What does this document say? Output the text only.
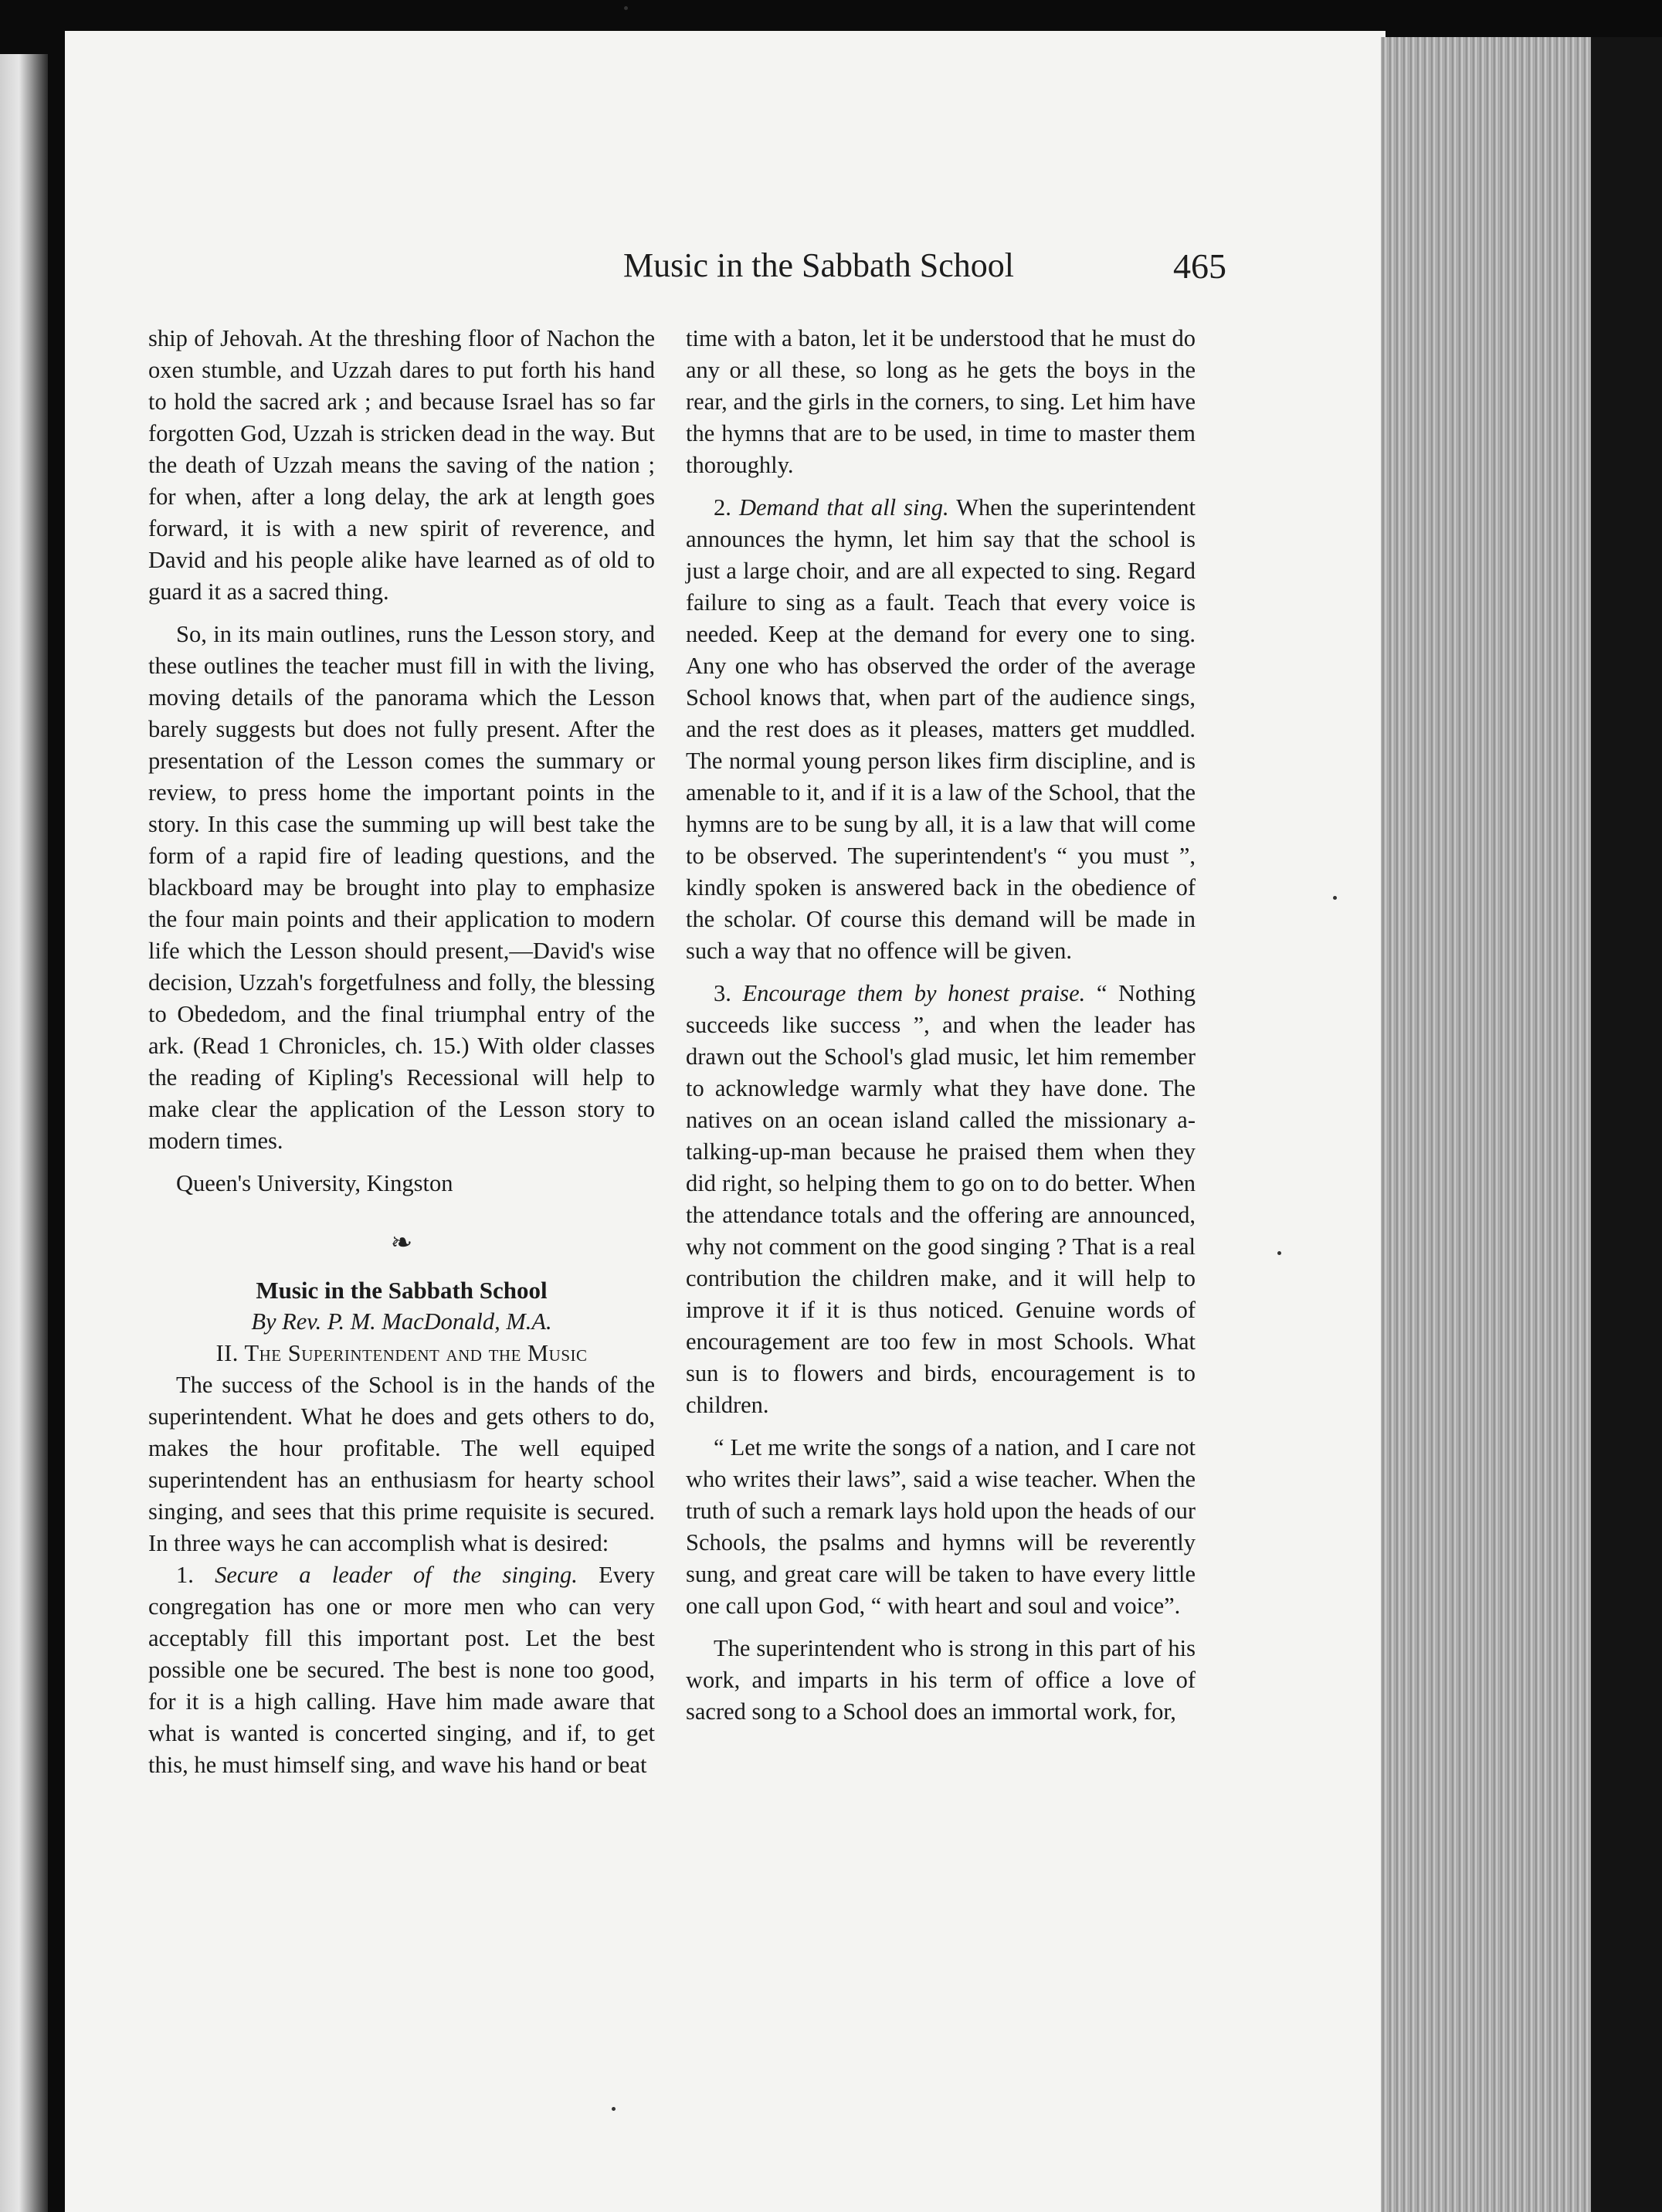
Music in the Sabbath School	465

ship of Jehovah. At the threshing floor of Nachon the oxen stumble, and Uzzah dares to put forth his hand to hold the sacred ark ; and because Israel has so far forgotten God, Uzzah is stricken dead in the way. But the death of Uzzah means the saving of the nation ; for when, after a long delay, the ark at length goes forward, it is with a new spirit of reverence, and David and his people alike have learned as of old to guard it as a sacred thing.

So, in its main outlines, runs the Lesson story, and these outlines the teacher must fill in with the living, moving details of the panorama which the Lesson barely suggests but does not fully present. After the presentation of the Lesson comes the summary or review, to press home the important points in the story. In this case the summing up will best take the form of a rapid fire of leading questions, and the blackboard may be brought into play to emphasize the four main points and their application to modern life which the Lesson should present,—David's wise decision, Uzzah's forgetfulness and folly, the blessing to Obededom, and the final triumphal entry of the ark. (Read 1 Chronicles, ch. 15.) With older classes the reading of Kipling's Recessional will help to make clear the application of the Lesson story to modern times.

Queen's University, Kingston

❧

Music in the Sabbath School

By Rev. P. M. MacDonald, M.A.

II. The Superintendent and the Music

The success of the School is in the hands of the superintendent. What he does and gets others to do, makes the hour profitable. The well equiped superintendent has an enthusiasm for hearty school singing, and sees that this prime requisite is secured. In three ways he can accomplish what is desired:

1. Secure a leader of the singing. Every congregation has one or more men who can very acceptably fill this important post. Let the best possible one be secured. The best is none too good, for it is a high calling. Have him made aware that what is wanted is concerted singing, and if, to get this, he must himself sing, and wave his hand or beat

time with a baton, let it be understood that he must do any or all these, so long as he gets the boys in the rear, and the girls in the corners, to sing. Let him have the hymns that are to be used, in time to master them thoroughly.

2. Demand that all sing. When the superintendent announces the hymn, let him say that the school is just a large choir, and are all expected to sing. Regard failure to sing as a fault. Teach that every voice is needed. Keep at the demand for every one to sing. Any one who has observed the order of the average School knows that, when part of the audience sings, and the rest does as it pleases, matters get muddled. The normal young person likes firm discipline, and is amenable to it, and if it is a law of the School, that the hymns are to be sung by all, it is a law that will come to be observed. The superintendent's “ you must ”, kindly spoken is answered back in the obedience of the scholar. Of course this demand will be made in such a way that no offence will be given.

3. Encourage them by honest praise. “ Nothing succeeds like success ”, and when the leader has drawn out the School's glad music, let him remember to acknowledge warmly what they have done. The natives on an ocean island called the missionary a-talking-up-man because he praised them when they did right, so helping them to go on to do better. When the attendance totals and the offering are announced, why not comment on the good singing ? That is a real contribution the children make, and it will help to improve it if it is thus noticed. Genuine words of encouragement are too few in most Schools. What sun is to flowers and birds, encouragement is to children.

“ Let me write the songs of a nation, and I care not who writes their laws”, said a wise teacher. When the truth of such a remark lays hold upon the heads of our Schools, the psalms and hymns will be reverently sung, and great care will be taken to have every little one call upon God, “ with heart and soul and voice”.

The superintendent who is strong in this part of his work, and imparts in his term of office a love of sacred song to a School does an immortal work, for,
